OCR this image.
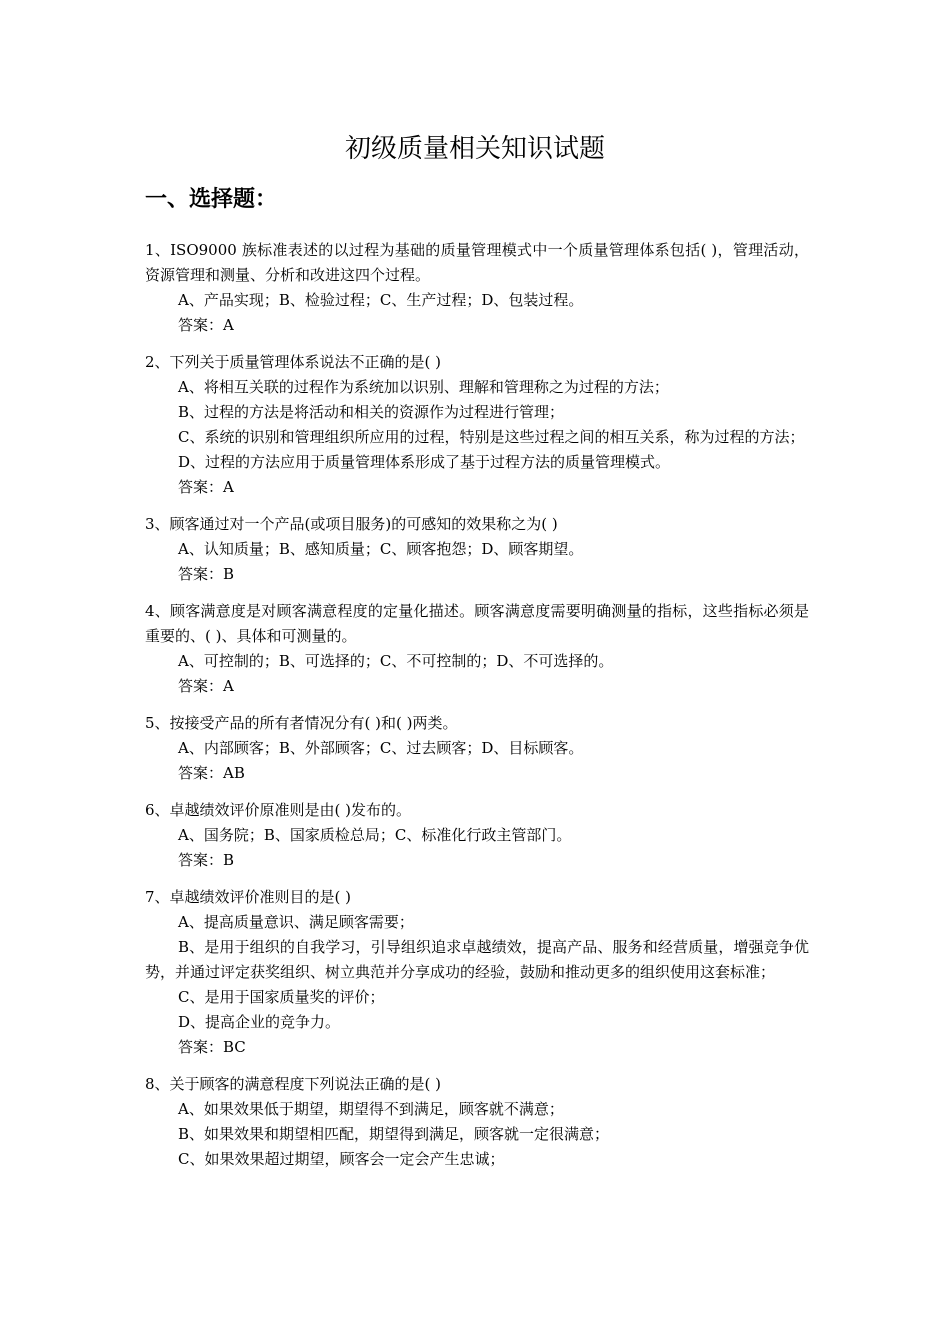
初级质量相关知识试题
一、选择题：

1、ISO9000 族标准表述的以过程为基础的质量管理模式中一个质量管理体系包括( )，管理活动，资源管理和测量、分析和改进这四个过程。

A、产品实现；B、检验过程；C、生产过程；D、包装过程。

答案：A

2、下列关于质量管理体系说法不正确的是( )

A、将相互关联的过程作为系统加以识别、理解和管理称之为过程的方法；

B、过程的方法是将活动和相关的资源作为过程进行管理；

C、系统的识别和管理组织所应用的过程，特别是这些过程之间的相互关系，称为过程的方法；

D、过程的方法应用于质量管理体系形成了基于过程方法的质量管理模式。

答案：A

3、顾客通过对一个产品(或项目服务)的可感知的效果称之为( )

A、认知质量；B、感知质量；C、顾客抱怨；D、顾客期望。

答案：B

4、顾客满意度是对顾客满意程度的定量化描述。顾客满意度需要明确测量的指标，这些指标必须是重要的、( )、具体和可测量的。

A、可控制的；B、可选择的；C、不可控制的；D、不可选择的。

答案：A

5、按接受产品的所有者情况分有( )和( )两类。

A、内部顾客；B、外部顾客；C、过去顾客；D、目标顾客。

答案：AB

6、卓越绩效评价原准则是由( )发布的。

A、国务院；B、国家质检总局；C、标准化行政主管部门。

答案：B

7、卓越绩效评价准则目的是( )

A、提高质量意识、满足顾客需要；

B、是用于组织的自我学习，引导组织追求卓越绩效，提高产品、服务和经营质量，增强竞争优势，并通过评定获奖组织、树立典范并分享成功的经验，鼓励和推动更多的组织使用这套标准；

C、是用于国家质量奖的评价；

D、提高企业的竞争力。

答案：BC

8、关于顾客的满意程度下列说法正确的是( )

A、如果效果低于期望，期望得不到满足，顾客就不满意；

B、如果效果和期望相匹配，期望得到满足，顾客就一定很满意；

C、如果效果超过期望，顾客会一定会产生忠诚；
